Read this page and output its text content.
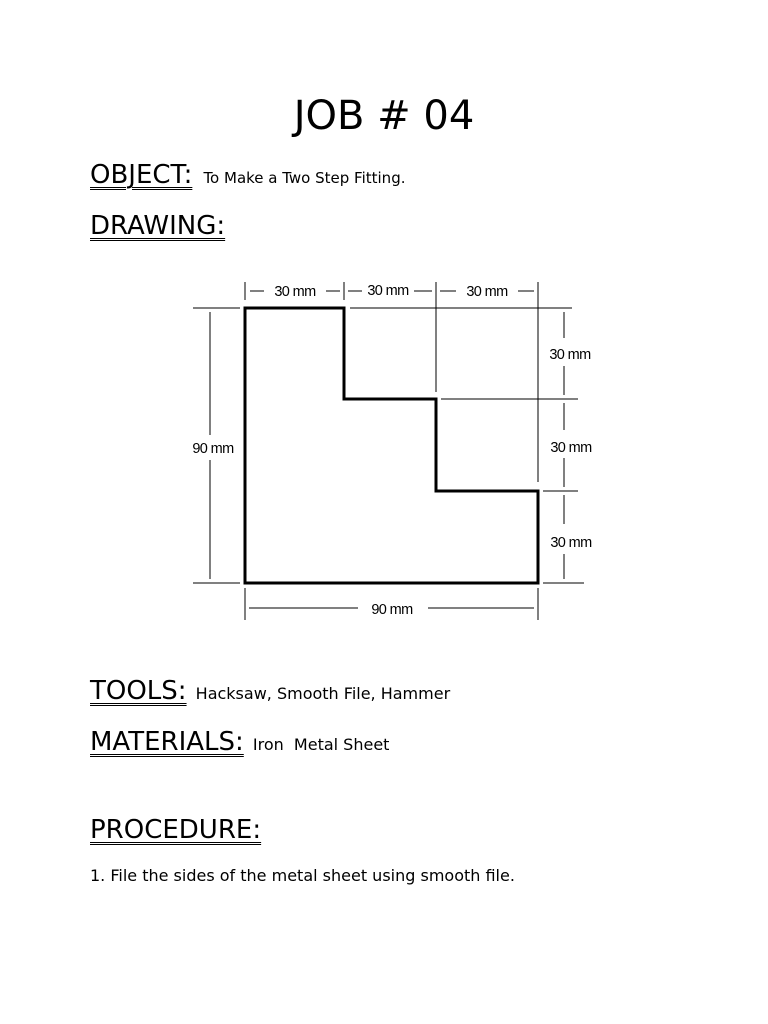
JOB # 04
OBJECT: To Make a Two Step Fitting.
DRAWING:
30 mm	30 mm	30 mm
30 mm
30 mm
30 mm
90 mm
90 mm
TOOLS: Hacksaw, Smooth File, Hammer
MATERIALS: Iron  Metal Sheet
PROCEDURE:
1. File the sides of the metal sheet using smooth file.
